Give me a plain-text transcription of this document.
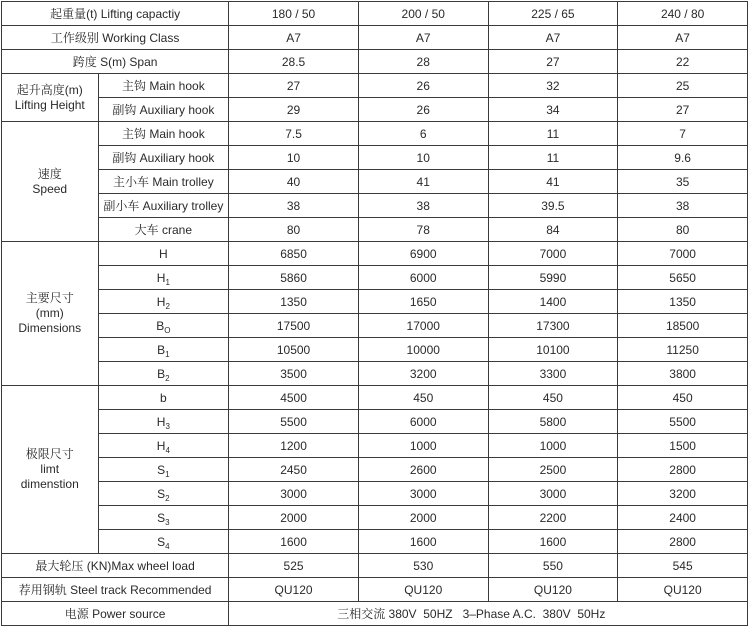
起重量(t) Lifting capactiy		180 / 50	200 / 50	225 / 65	240 / 80
工作级别 Working Class		A7	A7	A7	A7
跨度 S(m) Span		28.5	28	27	22

起升高度(m)
Lifting Height	主钩 Main hook	27	26	32	25
	副钩 Auxiliary hook	29	26	34	27

速度
Speed	主钩 Main hook	7.5	6	11	7
	副钩 Auxiliary hook	10	10	11	9.6
	主小车 Main trolley	40	41	41	35
	副小车 Auxiliary trolley	38	38	39.5	38
	大车 crane	80	78	84	80

主要尺寸
(mm)
Dimensions	H	6850	6900	7000	7000
	$H_1$	5860	6000	5990	5650
	$H_2$	1350	1650	1400	1350
	$B_O$	17500	17000	17300	18500
	$B_1$	10500	10000	10100	11250
	$B_2$	3500	3200	3300	3800

极限尺寸
limt
dimenstion	b	4500	450	450	450
	$H_3$	5500	6000	5800	5500
	$H_4$	1200	1000	1000	1500
	$S_1$	2450	2600	2500	2800
	$S_2$	3000	3000	3000	3200
	$S_3$	2000	2000	2200	2400
	$S_4$	1600	1600	1600	2800
最大轮压 (KN)Max wheel load		525	530	550	545
荐用钢轨 Steel track Recommended		QU120	QU120	QU120	QU120
电源 Power source		三相交流 380V  50HZ   3–Phase A.C.  380V  50Hz			
